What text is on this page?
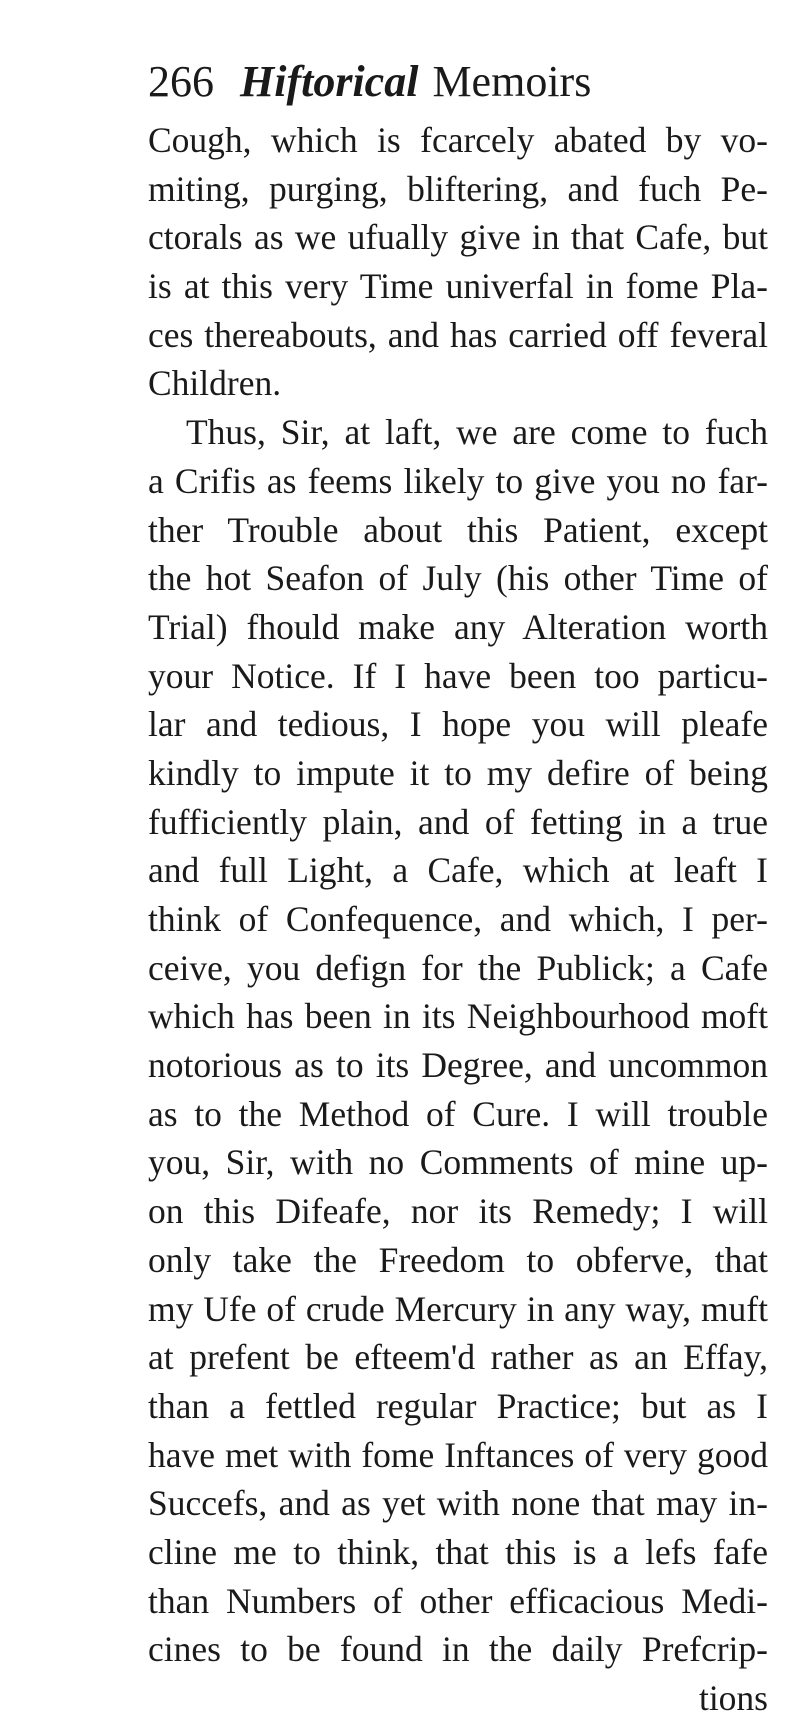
266 Hiftorical Memoirs
Cough, which is fcarcely abated by vo-
miting, purging, bliftering, and fuch Pe-
ctorals as we ufually give in that Cafe, but
is at this very Time univerfal in fome Pla-
ces thereabouts, and has carried off feveral
Children.
Thus, Sir, at laft, we are come to fuch
a Crifis as feems likely to give you no far-
ther Trouble about this Patient, except
the hot Seafon of July (his other Time of
Trial) fhould make any Alteration worth
your Notice. If I have been too particu-
lar and tedious, I hope you will pleafe
kindly to impute it to my defire of being
fufficiently plain, and of fetting in a true
and full Light, a Cafe, which at leaft I
think of Confequence, and which, I per-
ceive, you defign for the Publick; a Cafe
which has been in its Neighbourhood moft
notorious as to its Degree, and uncommon
as to the Method of Cure. I will trouble
you, Sir, with no Comments of mine up-
on this Difeafe, nor its Remedy; I will
only take the Freedom to obferve, that
my Ufe of crude Mercury in any way, muft
at prefent be efteem'd rather as an Effay,
than a fettled regular Practice; but as I
have met with fome Inftances of very good
Succefs, and as yet with none that may in-
cline me to think, that this is a lefs fafe
than Numbers of other efficacious Medi-
cines to be found in the daily Prefcrip-
tions
